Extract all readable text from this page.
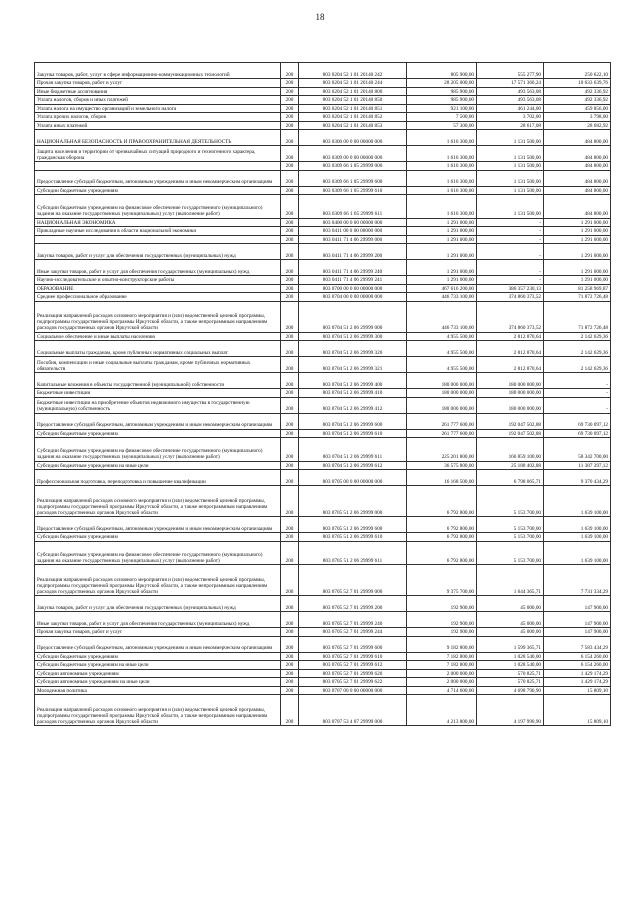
18
Закупка товаров, работ, услуг в сфере информационно-коммуникационных технологий	200	803 0204 52 1 01 20140 242	805 900,00	555 277,90	250 622,10
Прочая закупка товаров, работ и услуг	200	803 0204 52 1 01 20140 244	28 205 000,00	17 571 360,24	10 633 639,76
Иные бюджетные ассигнования	200	803 0204 52 1 01 20140 800	985 900,00	493 563,08	492 336,92
Уплата налогов, сборов и иных платежей	200	803 0204 52 1 01 20140 850	985 900,00	493 563,08	492 336,92
Уплата налога на имущество организаций и земельного налога	200	803 0204 52 1 01 20140 851	921 100,00	461 244,00	459 856,00
Уплата прочих налогов, сборов	200	803 0204 52 1 01 20140 852	7 500,00	3 702,00	3 798,00
Уплата иных платежей	200	803 0204 52 1 01 20140 853	57 300,00	28 617,08	28 682,92
НАЦИОНАЛЬНАЯ БЕЗОПАСНОСТЬ И ПРАВООХРАНИТЕЛЬНАЯ ДЕЯТЕЛЬНОСТЬ	200	803 0300 00 0 00 00000 000	1 616 300,00	1 131 500,00	484 800,00
Защита населения и территории от чрезвычайных ситуаций природного и техногенного характера, гражданская оборона	200	803 0309 00 0 00 00000 000	1 616 300,00	1 131 500,00	484 800,00
	200	803 0309 66 1 05 29999 000	1 616 300,00	1 131 500,00	484 800,00
Предоставление субсидий бюджетным, автономным учреждениям и иным некоммерческим организациям	200	803 0309 66 1 05 29999 600	1 616 300,00	1 131 500,00	484 800,00
Субсидии бюджетным учреждениям	200	803 0309 66 1 05 29999 610	1 616 300,00	1 131 500,00	484 800,00
Субсидии бюджетным учреждениям на финансовое обеспечение государственного (муниципального) задания на оказание государственных (муниципальных) услуг (выполнение работ)	200	803 0309 66 1 05 29999 611	1 616 300,00	1 131 500,00	484 800,00
НАЦИОНАЛЬНАЯ ЭКОНОМИКА	200	803 0400 00 0 00 00000 000	1 291 000,00	-	1 291 000,00
Прикладные научные исследования в области национальной экономики	200	803 0411 00 0 00 00000 000	1 291 000,00	-	1 291 000,00
	200	803 0411 71 4 06 29999 000	1 291 000,00	-	1 291 000,00
Закупка товаров, работ и услуг для обеспечения государственных (муниципальных) нужд	200	803 0411 71 4 06 29999 200	1 291 000,00	-	1 291 000,00
Иные закупки товаров, работ и услуг для обеспечения государственных (муниципальных) нужд	200	803 0411 71 4 06 29999 240	1 291 000,00	-	1 291 000,00
Научно-исследовательские и опытно-конструкторские работы	200	803 0411 71 4 06 29999 241	1 291 000,00	-	1 291 000,00
ОБРАЗОВАНИЕ	200	803 0700 00 0 00 00000 000	467 616 200,00	386 357 230,13	81 258 969,87
Среднее профессиональное образование	200	803 0704 00 0 00 00000 000	446 733 100,00	374 860 373,52	71 872 726,48
Реализация направлений расходов основного мероприятия и (или) ведомственной целевой программы, подпрограммы государственной программы Иркутской области, а также непрограммным направлениям расходов государственных органов Иркутской области	200	803 0704 51 2 06 29999 000	446 733 100,00	374 860 373,52	71 872 726,48
Социальное обеспечение и иные выплаты населению	200	803 0704 51 2 06 29999 300	4 955 500,00	2 812 870,64	2 142 629,36
Социальные выплаты гражданам, кроме публичных нормативных социальных выплат	200	803 0704 51 2 06 29999 320	4 955 500,00	2 812 870,64	2 142 629,36
Пособия, компенсации и иные социальные выплаты гражданам, кроме публичных нормативных обязательств	200	803 0704 51 2 06 29999 321	4 955 500,00	2 812 870,64	2 142 629,36
Капитальные вложения в объекты государственной (муниципальной) собственности	200	803 0704 51 2 06 29999 400	180 000 000,00	180 000 000,00	-
Бюджетные инвестиции	200	803 0704 51 2 06 29999 410	180 000 000,00	180 000 000,00	-
Бюджетные инвестиции на приобретение объектов недвижимого имущества в государственную (муниципальную) собственность	200	803 0704 51 2 06 29999 412	180 000 000,00	180 000 000,00	-
Предоставление субсидий бюджетным, автономным учреждениям и иным некоммерческим организациям	200	803 0704 51 2 06 29999 600	261 777 600,00	192 047 502,88	69 730 097,12
Субсидии бюджетным учреждениям	200	803 0704 51 2 06 29999 610	261 777 600,00	192 047 502,88	69 730 097,12
Субсидии бюджетным учреждениям на финансовое обеспечение государственного (муниципального) задания на оказание государственных (муниципальных) услуг (выполнение работ)	200	803 0704 51 2 06 29999 611	225 201 800,00	166 859 100,00	58 342 700,00
Субсидии бюджетным учреждениям на иные цели	200	803 0704 51 2 06 29999 612	36 575 800,00	25 188 402,88	11 387 397,12
Профессиональная подготовка, переподготовка и повышение квалификации	200	803 0705 00 0 00 00000 000	16 168 500,00	6 798 065,71	9 370 434,29
Реализация направлений расходов основного мероприятия и (или) ведомственной целевой программы, подпрограммы государственной программы Иркутской области, а также непрограммным направлениям расходов государственных органов Иркутской области	200	803 0705 51 2 06 29999 000	6 792 800,00	5 153 700,00	1 639 100,00
Предоставление субсидий бюджетным, автономным учреждениям и иным некоммерческим организациям	200	803 0705 51 2 06 29999 600	6 792 800,00	5 153 700,00	1 639 100,00
Субсидии бюджетным учреждениям	200	803 0705 51 2 06 29999 610	6 792 800,00	5 153 700,00	1 639 100,00
Субсидии бюджетным учреждениям на финансовое обеспечение государственного (муниципального) задания на оказание государственных (муниципальных) услуг (выполнение работ)	200	803 0705 51 2 06 29999 611	6 792 800,00	5 153 700,00	1 639 100,00
Реализация направлений расходов основного мероприятия и (или) ведомственной целевой программы, подпрограммы государственной программы Иркутской области, а также непрограммным направлениям расходов государственных органов Иркутской области	200	803 0705 52 7 01 29999 000	9 375 700,00	1 644 365,71	7 731 334,29
Закупка товаров, работ и услуг для обеспечения государственных (муниципальных) нужд	200	803 0705 52 7 01 29999 200	192 900,00	45 000,00	147 900,00
Иные закупки товаров, работ и услуг для обеспечения государственных (муниципальных) нужд	200	803 0705 52 7 01 29999 240	192 900,00	45 000,00	147 900,00
Прочая закупка товаров, работ и услуг	200	803 0705 52 7 01 29999 244	192 900,00	45 000,00	147 900,00
Предоставление субсидий бюджетным, автономным учреждениям и иным некоммерческим организациям	200	803 0705 52 7 01 29999 600	9 182 800,00	1 599 365,71	7 583 434,29
Субсидии бюджетным учреждениям	200	803 0705 52 7 01 29999 610	7 182 800,00	1 028 540,00	6 154 260,00
Субсидии бюджетным учреждениям на иные цели	200	803 0705 52 7 01 29999 612	7 182 800,00	1 028 540,00	6 154 260,00
Субсидии автономным учреждениям	200	803 0705 52 7 01 29999 620	2 000 000,00	570 825,71	1 429 174,29
Субсидии автономным учреждениям на иные цели	200	803 0705 52 7 01 29999 622	2 000 000,00	570 825,71	1 429 174,29
Молодежная политика	200	803 0707 00 0 00 00000 000	4 714 600,00	4 698 790,90	15 809,10
Реализация направлений расходов основного мероприятия и (или) ведомственной целевой программы, подпрограммы государственной программы Иркутской области, а также непрограммным направлениям расходов государственных органов Иркутской области	200	803 0707 53 4 07 29999 000	4 213 800,00	4 197 990,90	15 809,10
